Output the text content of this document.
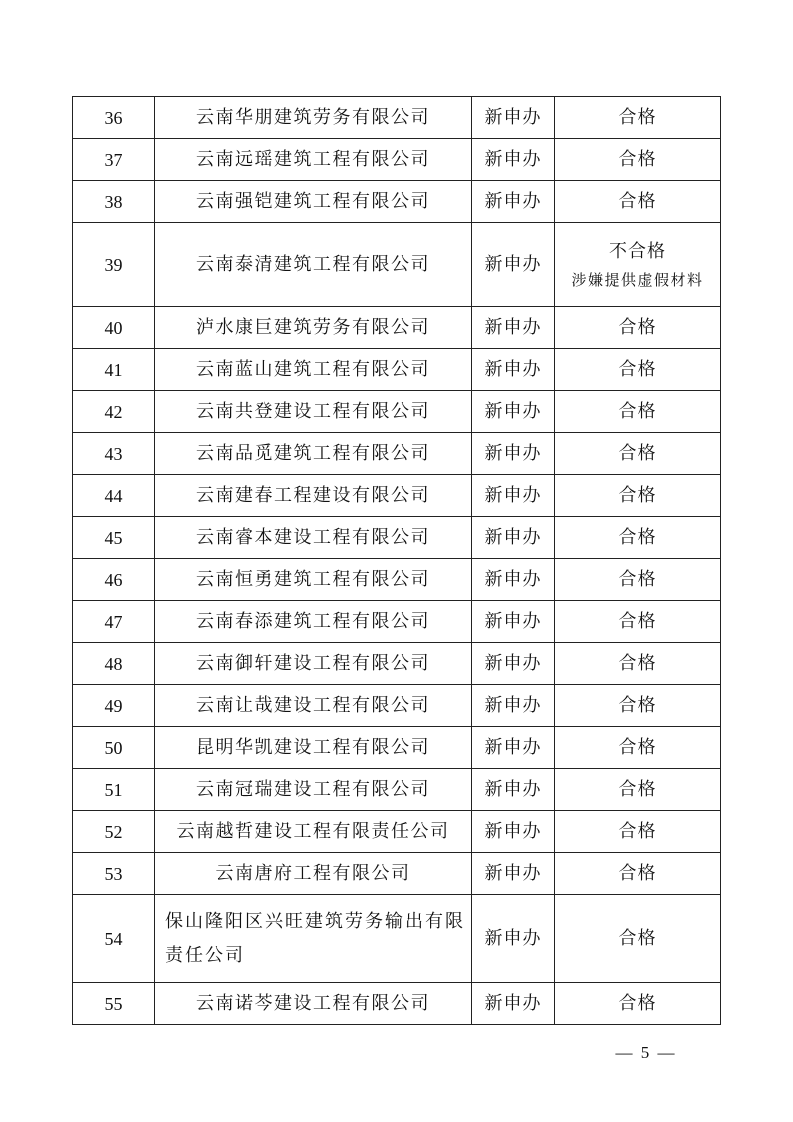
36	云南华朋建筑劳务有限公司	新申办	合格
37	云南远瑶建筑工程有限公司	新申办	合格
38	云南强铠建筑工程有限公司	新申办	合格
39	云南泰清建筑工程有限公司	新申办	不合格
涉嫌提供虚假材料

40	泸水康巨建筑劳务有限公司	新申办	合格
41	云南蓝山建筑工程有限公司	新申办	合格
42	云南共登建设工程有限公司	新申办	合格
43	云南品觅建筑工程有限公司	新申办	合格
44	云南建春工程建设有限公司	新申办	合格
45	云南睿本建设工程有限公司	新申办	合格
46	云南恒勇建筑工程有限公司	新申办	合格
47	云南春添建筑工程有限公司	新申办	合格
48	云南御轩建设工程有限公司	新申办	合格
49	云南让哉建设工程有限公司	新申办	合格
50	昆明华凯建设工程有限公司	新申办	合格
51	云南冠瑞建设工程有限公司	新申办	合格
52	云南越哲建设工程有限责任公司	新申办	合格
53	云南唐府工程有限公司	新申办	合格
54	保山隆阳区兴旺建筑劳务输出有限责任公司	新申办	合格
55	云南诺芩建设工程有限公司	新申办	合格
— 5 —
